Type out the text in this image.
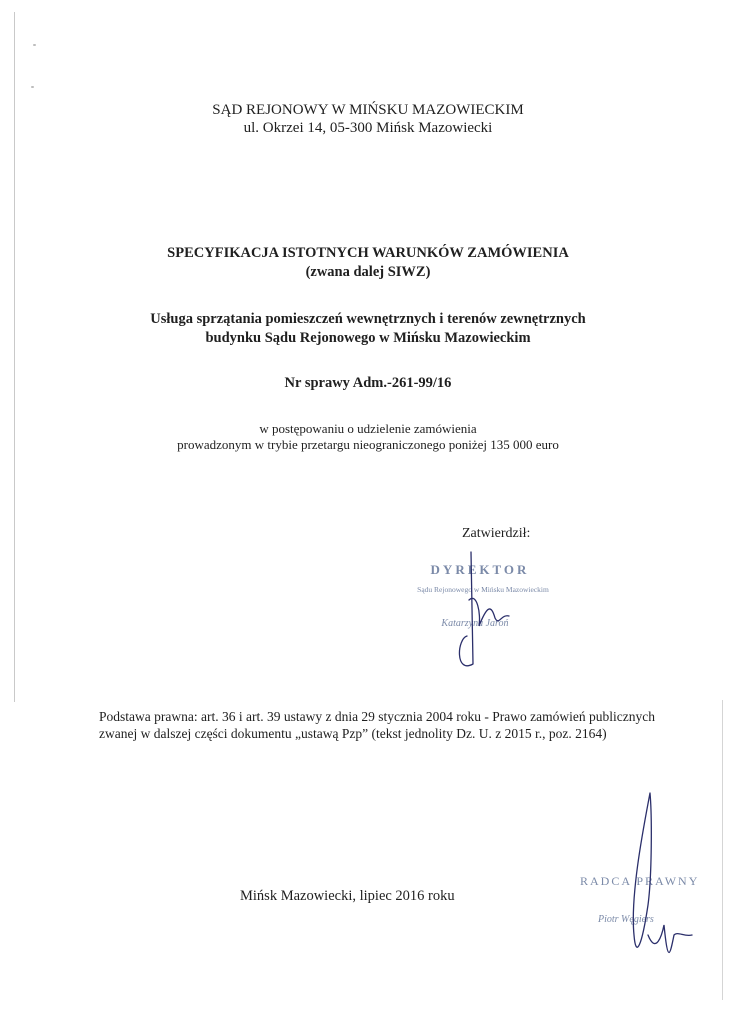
SĄD REJONOWY W MIŃSKU MAZOWIECKIM
ul. Okrzei 14, 05-300 Mińsk Mazowiecki
SPECYFIKACJA ISTOTNYCH WARUNKÓW ZAMÓWIENIA
(zwana dalej SIWZ)
Usługa sprzątania pomieszczeń wewnętrznych i terenów zewnętrznych
budynku Sądu Rejonowego w Mińsku Mazowieckim
Nr sprawy Adm.-261-99/16
w postępowaniu o udzielenie zamówienia
prowadzonym w trybie przetargu nieograniczonego poniżej 135 000 euro
Zatwierdził:
DYREKTOR
Sądu Rejonowego w Mińsku Mazowieckim
Katarzyna Jaroń
Podstawa prawna: art. 36 i art. 39 ustawy z dnia 29 stycznia 2004 roku - Prawo zamówień publicznych zwanej w dalszej części dokumentu „ustawą Pzp” (tekst jednolity Dz. U. z 2015 r., poz. 2164)
Mińsk Mazowiecki, lipiec 2016 roku
RADCA PRAWNY
Piotr Węgiers
